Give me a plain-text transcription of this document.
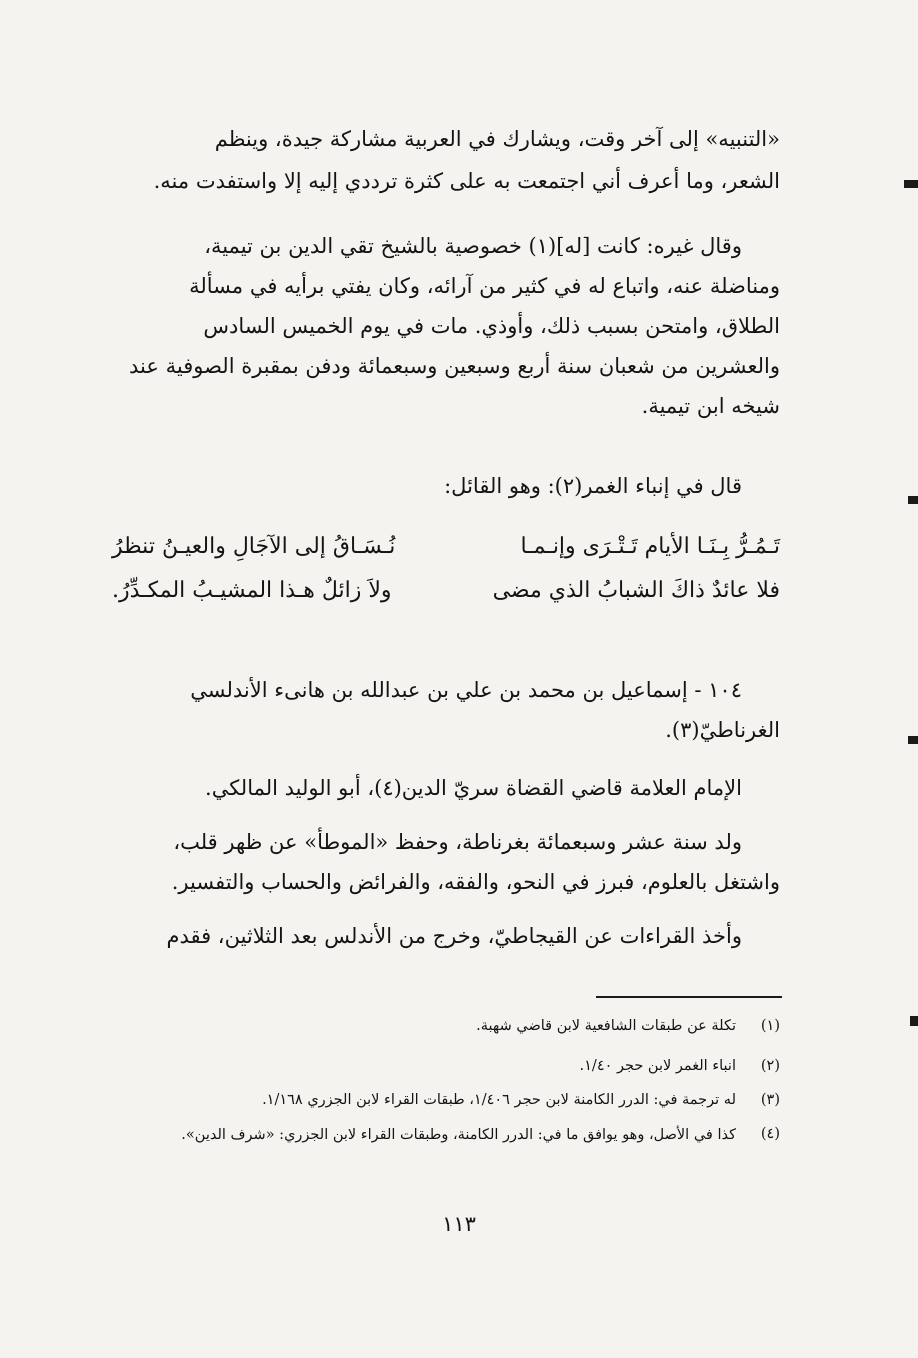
«التنبيه» إلى آخر وقت، ويشارك في العربية مشاركة جيدة، وينظم
الشعر، وما أعرف أني اجتمعت به على كثرة ترددي إليه إلا واستفدت منه.
وقال غيره: كانت [له](١) خصوصية بالشيخ تقي الدين بن تيمية،
ومناضلة عنه، واتباع له في كثير من آرائه، وكان يفتي برأيه في مسألة
الطلاق، وامتحن بسبب ذلك، وأوذي. مات في يوم الخميس السادس
والعشرين من شعبان سنة أربع وسبعين وسبعمائة ودفن بمقبرة الصوفية عند
شيخه ابن تيمية.
قال في إنباء الغمر(٢): وهو القائل:
تَـمُـرُّ بِـنَـا الأيام تَـتْـرَى وإنـمـا
نُـسَـاقُ إلى الآجَالِ والعيـنُ تنظرُ
فلا عائدٌ ذاكَ الشبابُ الذي مضى
ولاَ زائلٌ هـذا المشيـبُ المكـدِّرُ.
١٠٤ - إسماعيل بن محمد بن علي بن عبدالله بن هانىء الأندلسي
الغرناطيّ(٣).
الإمام العلامة قاضي القضاة سريّ الدين(٤)، أبو الوليد المالكي.
ولد سنة عشر وسبعمائة بغرناطة، وحفظ «الموطأ» عن ظهر قلب،
واشتغل بالعلوم، فبرز في النحو، والفقه، والفرائض والحساب والتفسير.
وأخذ القراءات عن القيجاطيّ، وخرج من الأندلس بعد الثلاثين، فقدم
(١)
تكلة عن طبقات الشافعية لابن قاضي شهبة.
(٢)
انباء الغمر لابن حجر ١/٤٠.
(٣)
له ترجمة في: الدرر الكامنة لابن حجر ١/٤٠٦، طبقات القراء لابن الجزري ١/١٦٨.
(٤)
كذا في الأصل، وهو يوافق ما في: الدرر الكامنة، وطبقات القراء لابن الجزري: «شرف الدين».
١١٣
